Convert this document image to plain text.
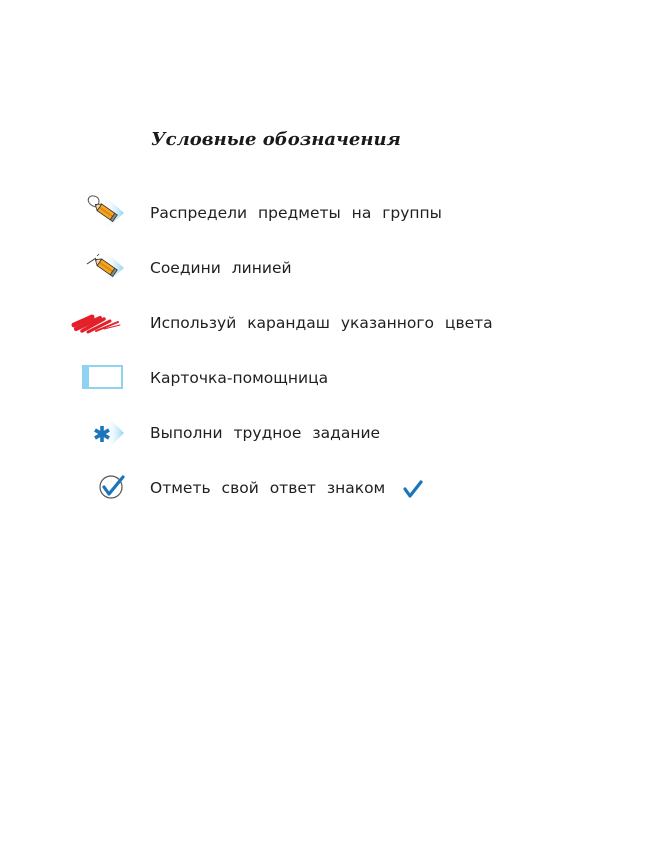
Условные обозначения
Распредели предметы на группы
Соедини линией
Используй карандаш указанного цвета
Карточка-помощница
Выполни трудное задание
Отметь свой ответ знаком
